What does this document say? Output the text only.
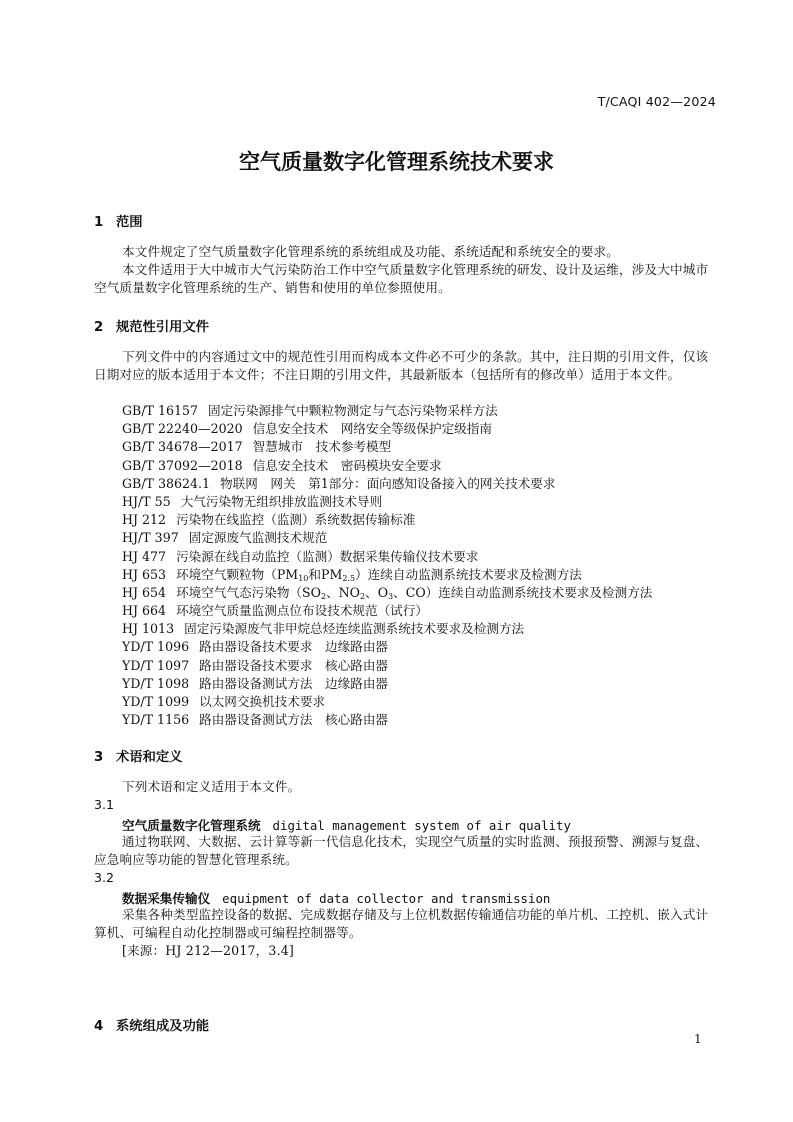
T/CAQI 402—2024
空气质量数字化管理系统技术要求
1 范围
本文件规定了空气质量数字化管理系统的系统组成及功能、系统适配和系统安全的要求。
本文件适用于大中城市大气污染防治工作中空气质量数字化管理系统的研发、设计及运维，涉及大中城市空气质量数字化管理系统的生产、销售和使用的单位参照使用。
2 规范性引用文件
下列文件中的内容通过文中的规范性引用而构成本文件必不可少的条款。其中，注日期的引用文件，仅该日期对应的版本适用于本文件；不注日期的引用文件，其最新版本（包括所有的修改单）适用于本文件。
GB/T 16157 固定污染源排气中颗粒物测定与气态污染物采样方法
GB/T 22240—2020 信息安全技术　网络安全等级保护定级指南
GB/T 34678—2017 智慧城市　技术参考模型
GB/T 37092—2018 信息安全技术　密码模块安全要求
GB/T 38624.1 物联网　网关　第1部分：面向感知设备接入的网关技术要求
HJ/T 55 大气污染物无组织排放监测技术导则
HJ 212 污染物在线监控（监测）系统数据传输标准
HJ/T 397 固定源废气监测技术规范
HJ 477 污染源在线自动监控（监测）数据采集传输仪技术要求
HJ 653 环境空气颗粒物（$PM_{10}$和$PM_{2.5}$）连续自动监测系统技术要求及检测方法
HJ 654 环境空气气态污染物（$SO_2$、$NO_2$、$O_3$、CO）连续自动监测系统技术要求及检测方法
HJ 664 环境空气质量监测点位布设技术规范（试行）
HJ 1013 固定污染源废气非甲烷总烃连续监测系统技术要求及检测方法
YD/T 1096 路由器设备技术要求　边缘路由器
YD/T 1097 路由器设备技术要求　核心路由器
YD/T 1098 路由器设备测试方法　边缘路由器
YD/T 1099 以太网交换机技术要求
YD/T 1156 路由器设备测试方法　核心路由器
3 术语和定义
下列术语和定义适用于本文件。
3.1
空气质量数字化管理系统 digital management system of air quality
通过物联网、大数据、云计算等新一代信息化技术，实现空气质量的实时监测、预报预警、溯源与复盘、应急响应等功能的智慧化管理系统。
3.2
数据采集传输仪 equipment of data collector and transmission
采集各种类型监控设备的数据、完成数据存储及与上位机数据传输通信功能的单片机、工控机、嵌入式计算机、可编程自动化控制器或可编程控制器等。
[来源：HJ 212—2017，3.4]
4 系统组成及功能
1
